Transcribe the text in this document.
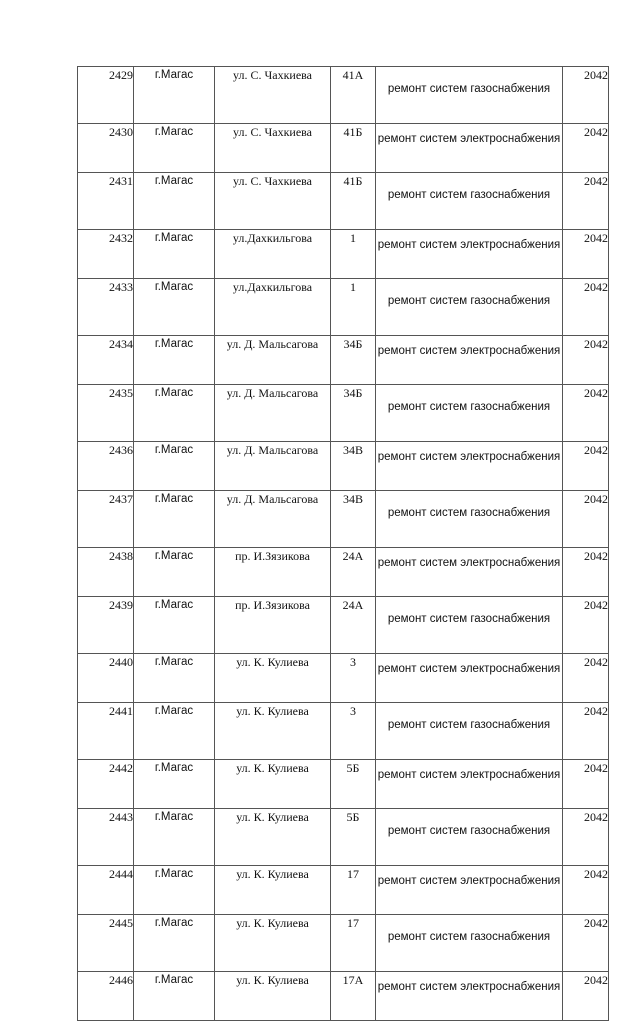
2429	г.Магас	ул. С. Чахкиева	41А	ремонт систем газоснабжения	2042
2430	г.Магас	ул. С. Чахкиева	41Б	ремонт систем электроснабжения	2042
2431	г.Магас	ул. С. Чахкиева	41Б	ремонт систем газоснабжения	2042
2432	г.Магас	ул.Дахкильгова	1	ремонт систем электроснабжения	2042
2433	г.Магас	ул.Дахкильгова	1	ремонт систем газоснабжения	2042
2434	г.Магас	ул. Д. Мальсагова	34Б	ремонт систем электроснабжения	2042
2435	г.Магас	ул. Д. Мальсагова	34Б	ремонт систем газоснабжения	2042
2436	г.Магас	ул. Д. Мальсагова	34В	ремонт систем электроснабжения	2042
2437	г.Магас	ул. Д. Мальсагова	34В	ремонт систем газоснабжения	2042
2438	г.Магас	пр. И.Зязикова	24А	ремонт систем электроснабжения	2042
2439	г.Магас	пр. И.Зязикова	24А	ремонт систем газоснабжения	2042
2440	г.Магас	ул. К. Кулиева	3	ремонт систем электроснабжения	2042
2441	г.Магас	ул. К. Кулиева	3	ремонт систем газоснабжения	2042
2442	г.Магас	ул. К. Кулиева	5Б	ремонт систем электроснабжения	2042
2443	г.Магас	ул. К. Кулиева	5Б	ремонт систем газоснабжения	2042
2444	г.Магас	ул. К. Кулиева	17	ремонт систем электроснабжения	2042
2445	г.Магас	ул. К. Кулиева	17	ремонт систем газоснабжения	2042
2446	г.Магас	ул. К. Кулиева	17А	ремонт систем электроснабжения	2042
